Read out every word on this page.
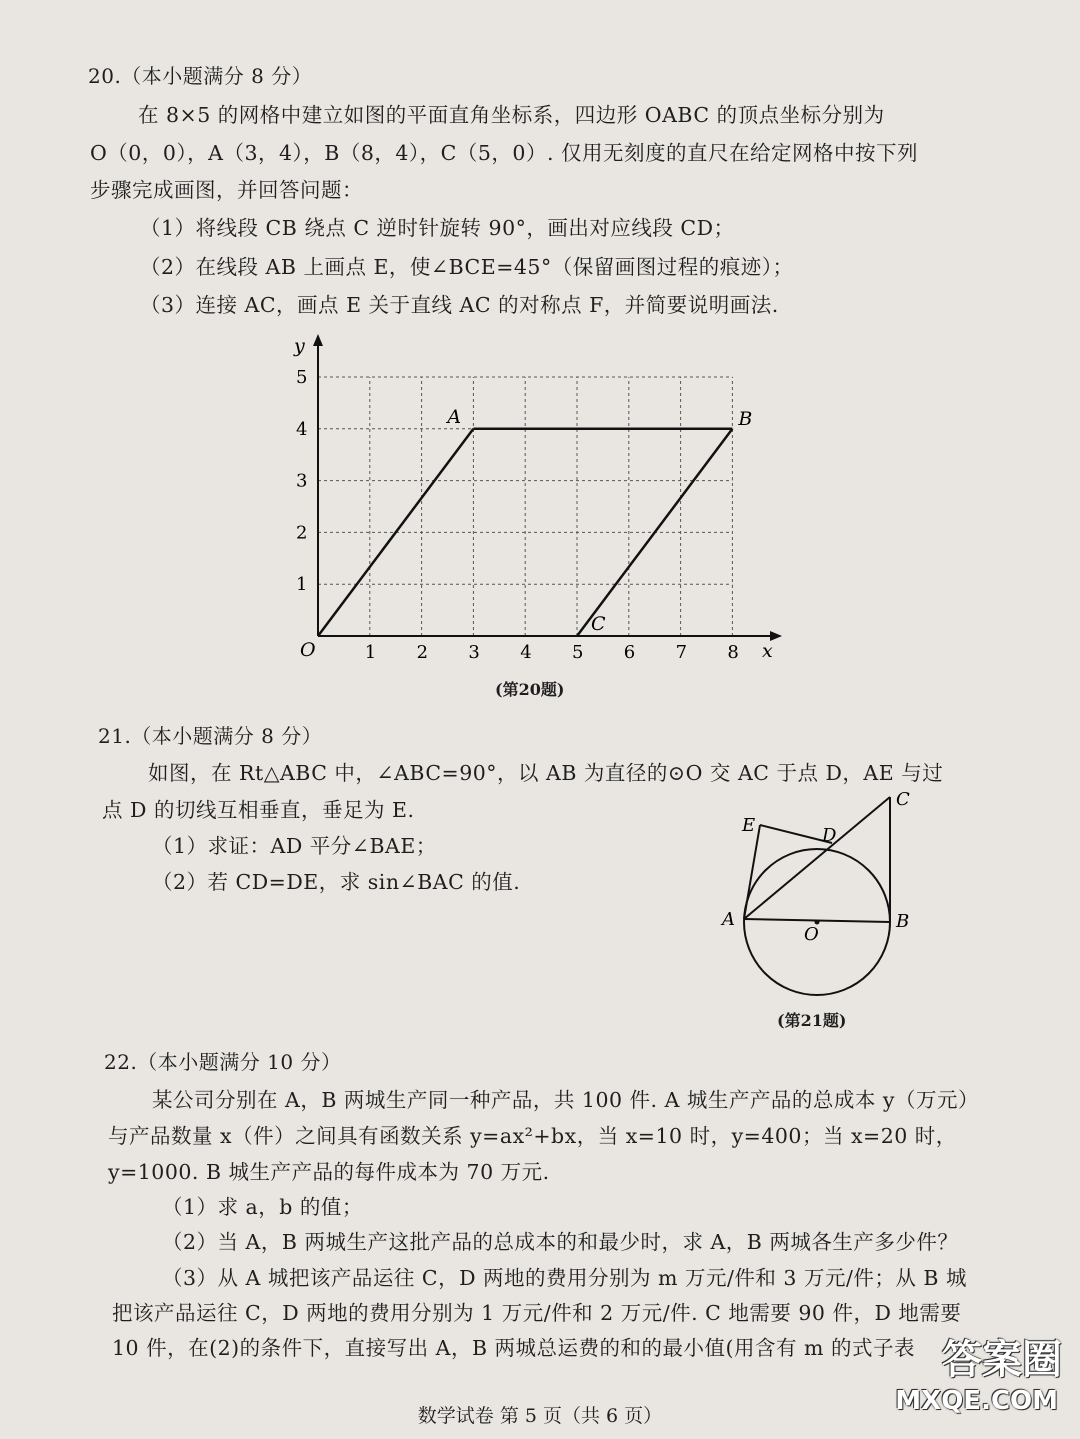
20.（本小题满分 8 分）
在 8×5 的网格中建立如图的平面直角坐标系，四边形 OABC 的顶点坐标分别为
O（0，0），A（3，4），B（8，4），C（5，0）. 仅用无刻度的直尺在给定网格中按下列
步骤完成画图，并回答问题：
（1）将线段 CB 绕点 C 逆时针旋转 90°，画出对应线段 CD；
（2）在线段 AB 上画点 E，使∠BCE=45°（保留画图过程的痕迹）；
（3）连接 AC，画点 E 关于直线 AC 的对称点 F，并简要说明画法.
y
x
O	1 2 3 4 5 6 7 8
1
2
3
4
5
A	B
C
(第20题)
21.（本小题满分 8 分）
如图，在 Rt△ABC 中，∠ABC=90°，以 AB 为直径的⊙O 交 AC 于点 D，AE 与过
点 D 的切线互相垂直，垂足为 E.
（1）求证：AD 平分∠BAE；
（2）若 CD=DE，求 sin∠BAC 的值.
C
E	D
A
O
B
(第21题)
22.（本小题满分 10 分）
某公司分别在 A，B 两城生产同一种产品，共 100 件. A 城生产产品的总成本 y（万元）
与产品数量 x（件）之间具有函数关系 y=ax²+bx，当 x=10 时，y=400；当 x=20 时，
y=1000. B 城生产产品的每件成本为 70 万元.
（1）求 a，b 的值；
（2）当 A，B 两城生产这批产品的总成本的和最少时，求 A，B 两城各生产多少件？
（3）从 A 城把该产品运往 C，D 两地的费用分别为 m 万元/件和 3 万元/件；从 B 城
把该产品运往 C，D 两地的费用分别为 1 万元/件和 2 万元/件. C 地需要 90 件，D 地需要
10 件，在(2)的条件下，直接写出 A，B 两城总运费的和的最小值(用含有 m 的式子表
数学试卷 第 5 页（共 6 页）
答案圈
MXQE.COM
